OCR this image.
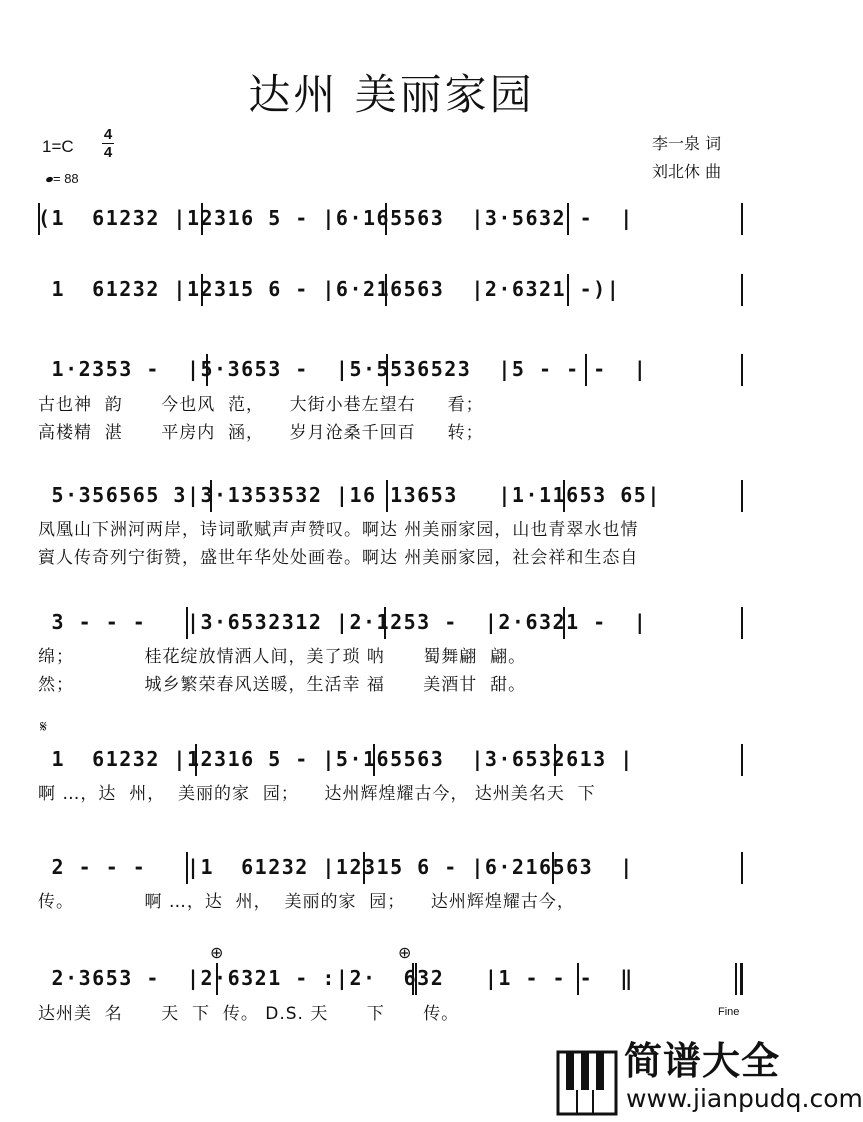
达州 美丽家园
1=C
4
4
= 88
李一泉 词
刘北休 曲
(1  61232 |12316 5 - |6·165563  |3·5632 -  |
1  61232 |12315 6 - |6·216563  |2·6321 -)|
1·2353 -  |5·3653 -  |5·5536523  |5 - - -  |
古也神  韵      今也风  范，    大街小巷左望右     看；
高楼精  湛      平房内  涵，    岁月沧桑千回百     转；
5·356565 3|3·1353532 |16 13653   |1·11653 65|
凤凰山下洲河两岸，诗词歌赋声声赞叹。啊达 州美丽家园，山也青翠水也情
賨人传奇列宁街赞，盛世年华处处画卷。啊达 州美丽家园，社会祥和生态自
3 - - -   |3·6532312 |2·1253 -  |2·6321 -  |
绵；           桂花绽放情洒人间，美了琐 呐      蜀舞翩  翩。
然；           城乡繁荣春风送暖，生活幸 福      美酒甘  甜。
𝄋
1  61232 |12316 5 - |5·165563  |3·6532613 |
啊 …，达  州，  美丽的家  园；    达州辉煌耀古今， 达州美名天  下
2 - - -   |1  61232 |12315 6 - |6·216563  |
传。           啊 …，达  州，  美丽的家  园；    达州辉煌耀古今，
⊕	⊕
2·3653 -  |2·6321 - :|2·  632   |1 - - -  ‖
达州美  名      天  下  传。 D.S. 天      下      传。	Fine
简谱大全
www.jianpudq.com
